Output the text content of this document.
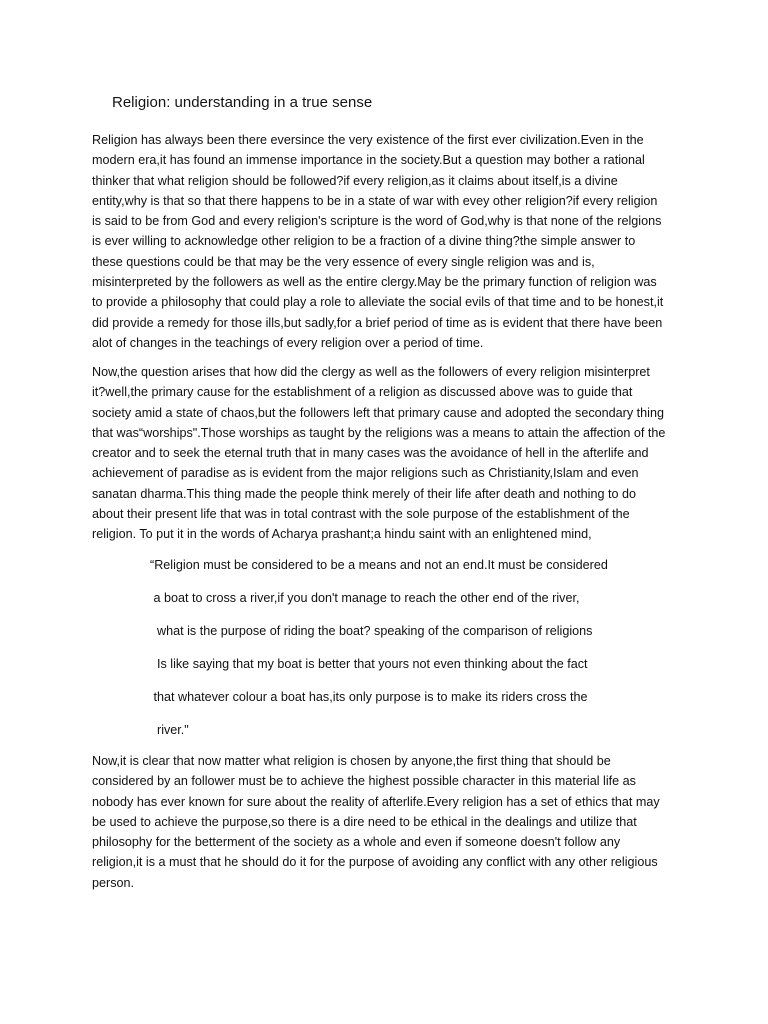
Religion: understanding in a true sense

Religion has always been there eversince the very existence of the first ever civilization.Even in the
modern era,it has found an immense importance in the society.But a question may bother a rational
thinker that what religion should be followed?if every religion,as it claims about itself,is a divine
entity,why is that so that there happens to be in a state of war with evey other religion?if every religion
is said to be from God and every religion's scripture is the word of God,why is that none of the relgions
is ever willing to acknowledge other religion to be a fraction of a divine thing?the simple answer to
these questions could be that may be the very essence of every single religion was and is,
misinterpreted by the followers as well as the entire clergy.May be the primary function of religion was
to provide a philosophy that could play a role to alleviate the social evils of that time and to be honest,it
did provide a remedy for those ills,but sadly,for a brief period of time as is evident that there have been
alot of changes in the teachings of every religion over a period of time.

Now,the question arises that how did the clergy as well as the followers of every religion misinterpret
it?well,the primary cause for the establishment of a religion as discussed above was to guide that
society amid a state of chaos,but the followers left that primary cause and adopted the secondary thing
that was“worships".Those worships as taught by the religions was a means to attain the affection of the
creator and to seek the eternal truth that in many cases was the avoidance of hell in the afterlife and
achievement of paradise as is evident from the major religions such as Christianity,Islam and even
sanatan dharma.This thing made the people think merely of their life after death and nothing to do
about their present life that was in total contrast with the sole purpose of the establishment of the
religion. To put it in the words of Acharya prashant;a hindu saint with an enlightened mind,

“Religion must be considered to be a means and not an end.It must be considered
a boat to cross a river,if you don't manage to reach the other end of the river,
what is the purpose of riding the boat? speaking of the comparison of religions
Is like saying that my boat is better that yours not even thinking about the fact
that whatever colour a boat has,its only purpose is to make its riders cross the
river."

Now,it is clear that now matter what religion is chosen by anyone,the first thing that should be
considered by an follower must be to achieve the highest possible character in this material life as
nobody has ever known for sure about the reality of afterlife.Every religion has a set of ethics that may
be used to achieve the purpose,so there is a dire need to be ethical in the dealings and utilize that
philosophy for the betterment of the society as a whole and even if someone doesn't follow any
religion,it is a must that he should do it for the purpose of avoiding any conflict with any other religious
person.
